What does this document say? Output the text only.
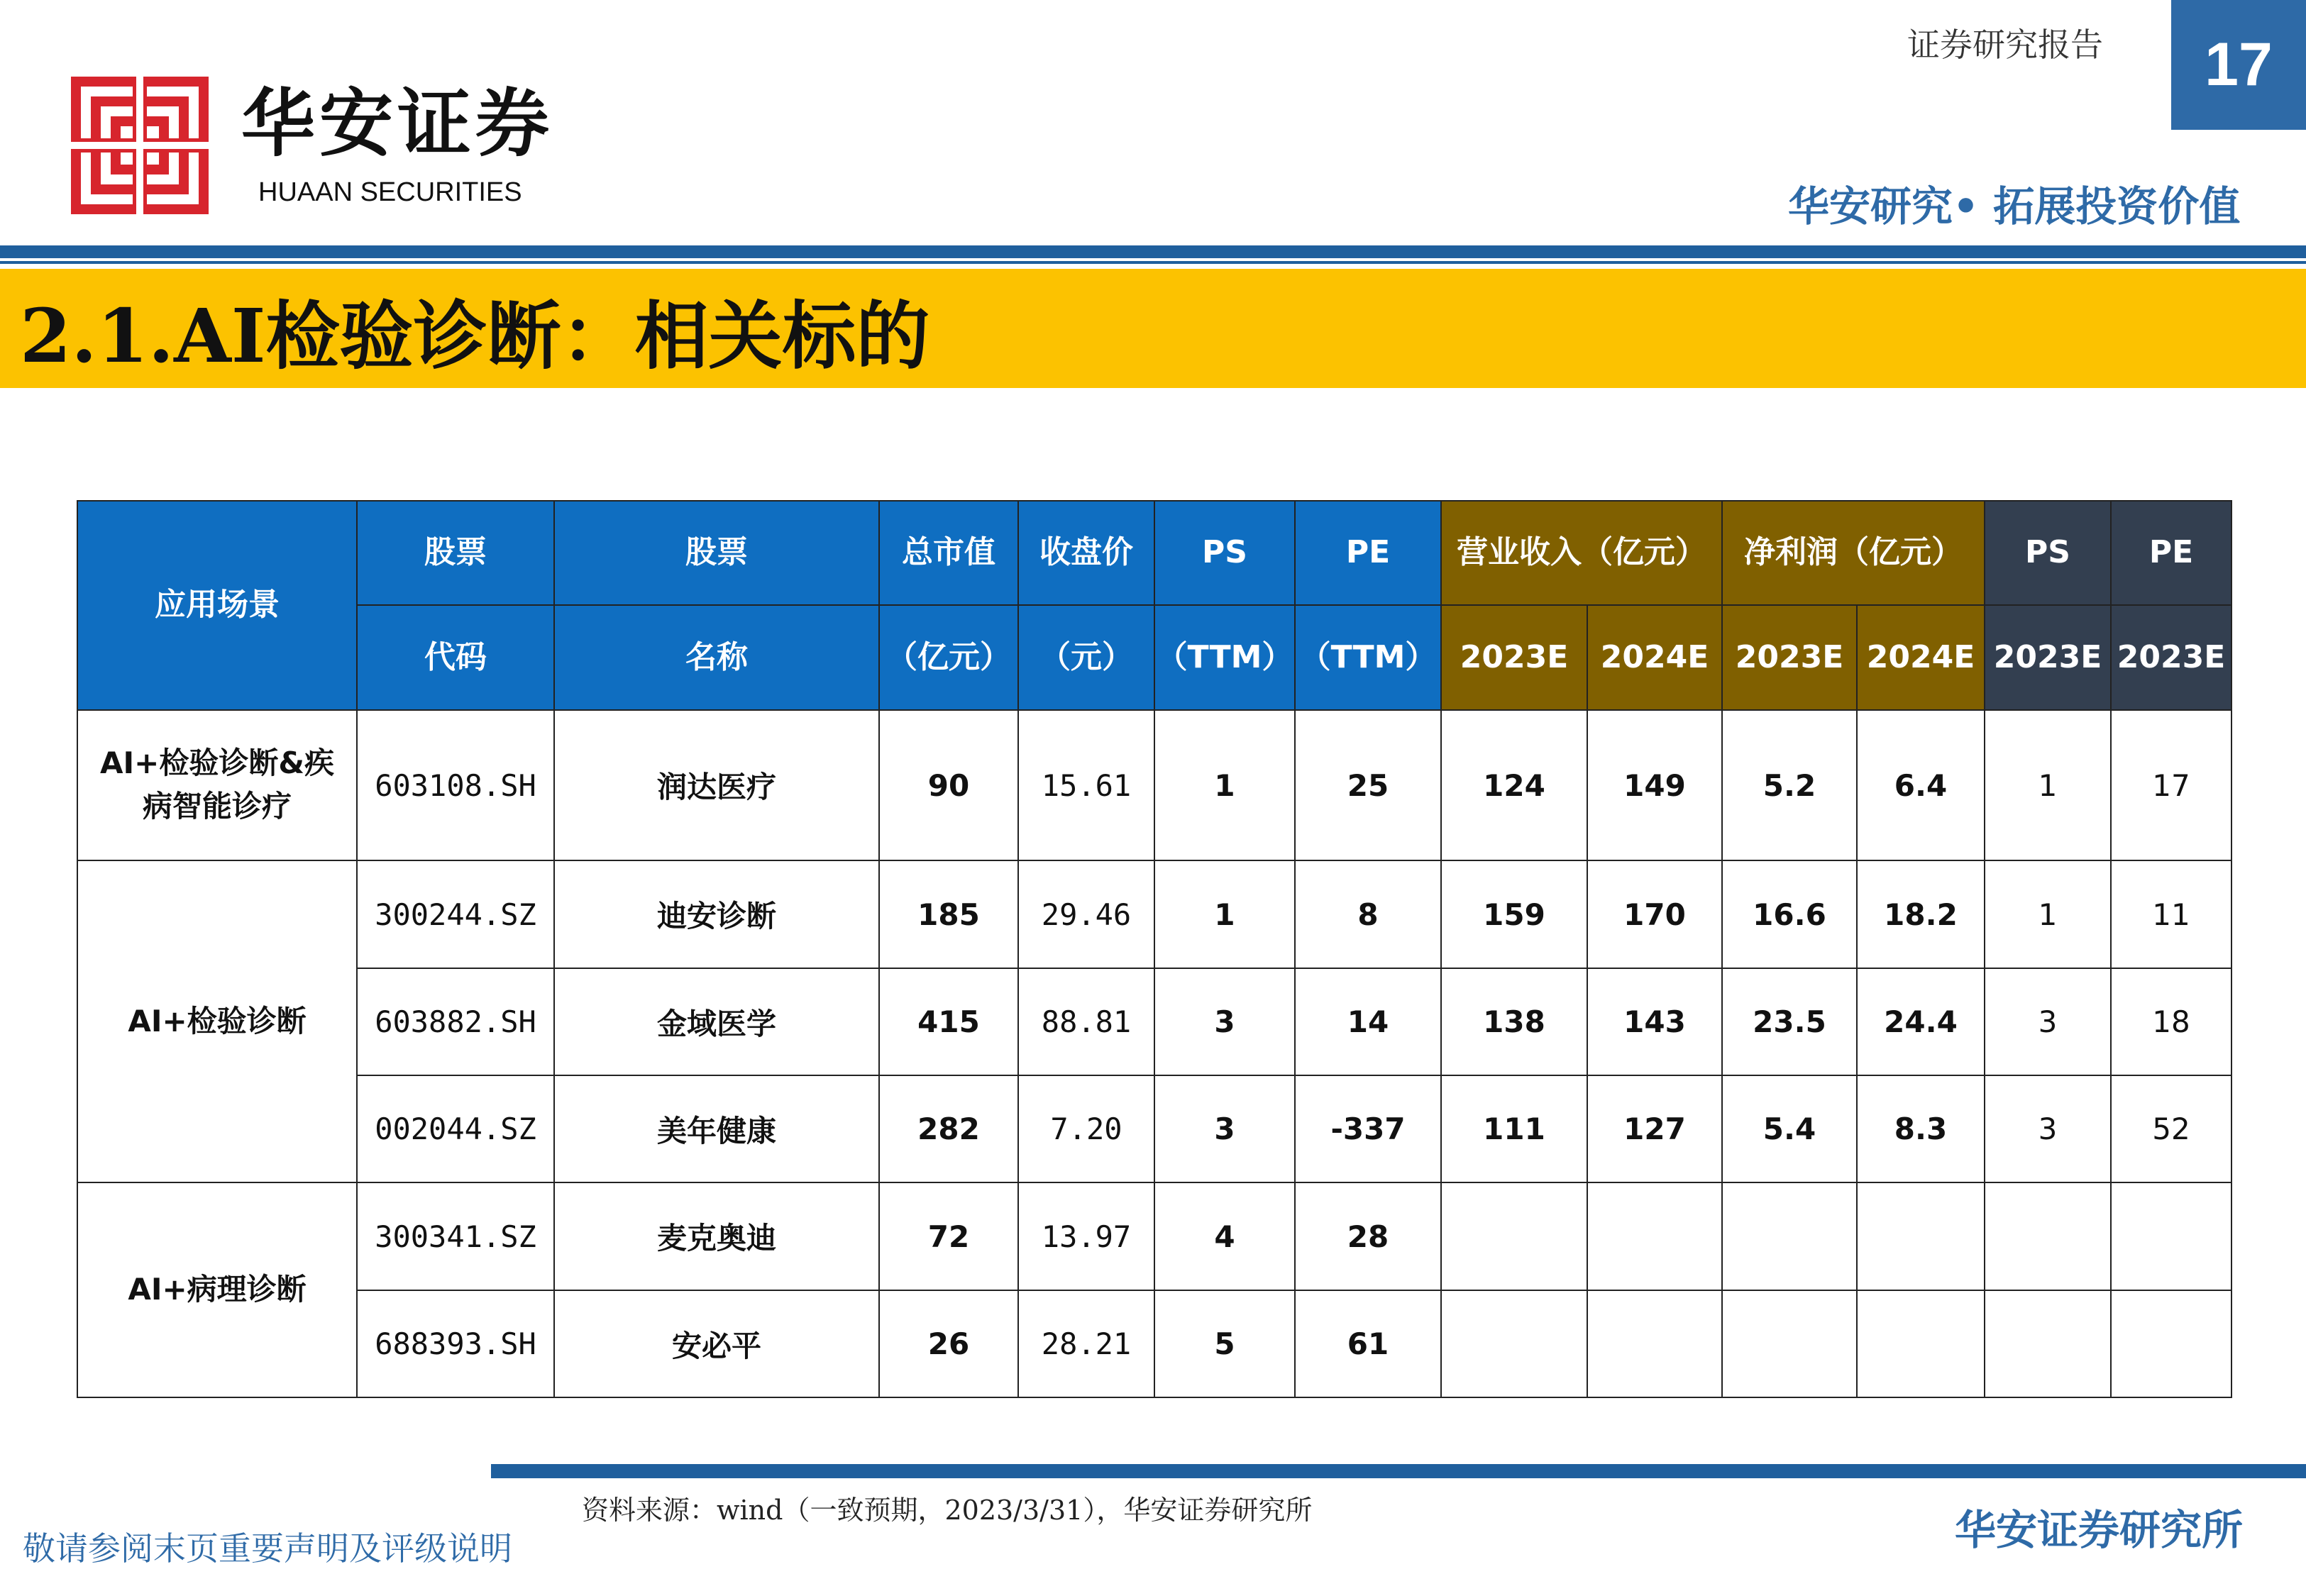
华安证券
HUAAN SECURITIES
证券研究报告	17
华安研究• 拓展投资价值
2.1.AI检验诊断：相关标的
应用场景	股票	股票	总市值	收盘价	PS	PE	营业收入（亿元）		净利润（亿元）		PS	PE
	代码	名称	（亿元）	（元）	（TTM）	（TTM）	2023E	2024E	2023E	2024E	2023E	2023E
AI+检验诊断&疾病智能诊疗	603108.SH	润达医疗	90	15.61	1	25	124	149	5.2	6.4	1	17
AI+检验诊断	300244.SZ	迪安诊断	185	29.46	1	8	159	170	16.6	18.2	1	11
	603882.SH	金域医学	415	88.81	3	14	138	143	23.5	24.4	3	18
	002044.SZ	美年健康	282	7.20	3	-337	111	127	5.4	8.3	3	52
AI+病理诊断	300341.SZ	麦克奥迪	72	13.97	4	28						
	688393.SH	安必平	26	28.21	5	61						
资料来源：wind（一致预期，2023/3/31），华安证券研究所
敬请参阅末页重要声明及评级说明	华安证券研究所
